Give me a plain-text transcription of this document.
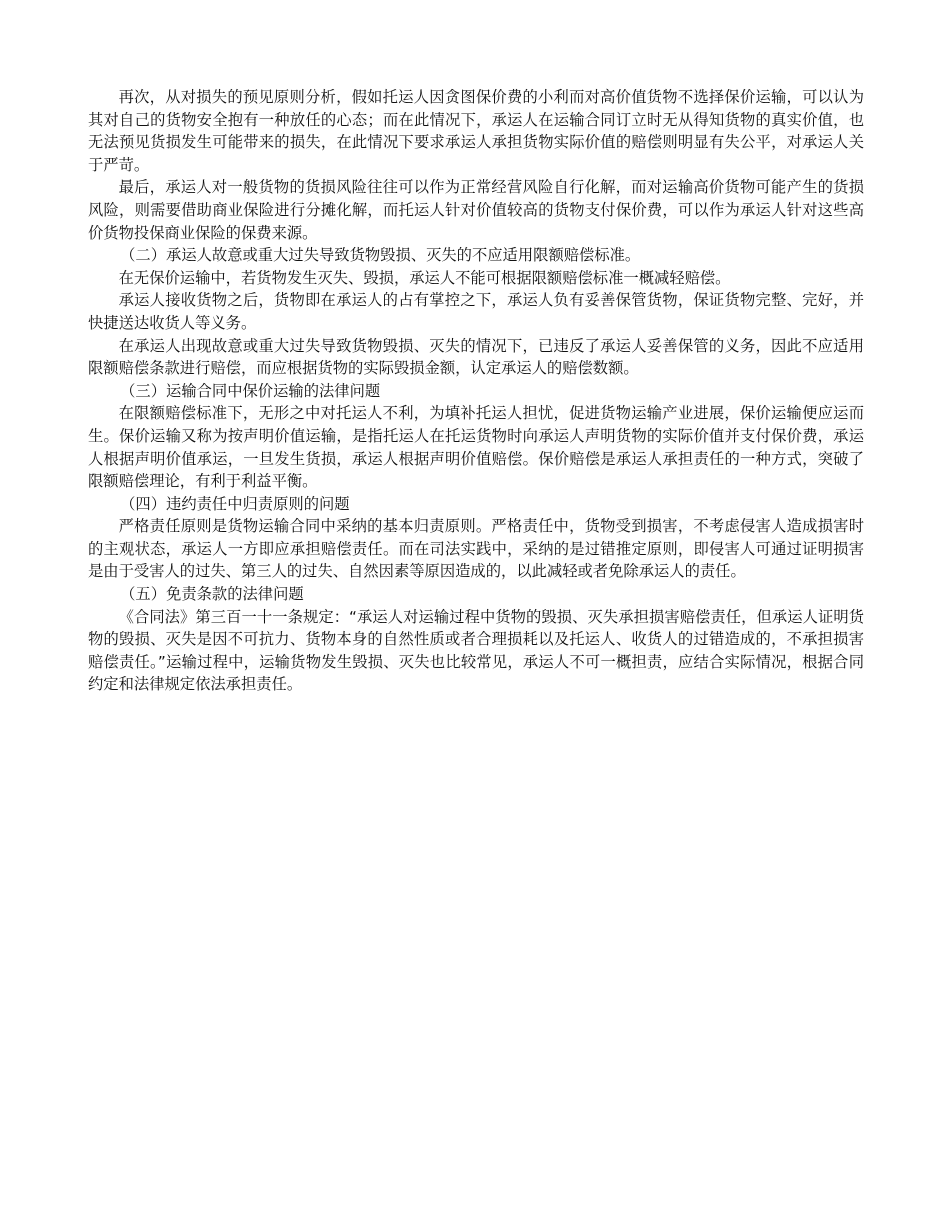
再次，从对损失的预见原则分析，假如托运人因贪图保价费的小利而对高价值货物不选择保价运输，可以认为其对自己的货物安全抱有一种放任的心态；而在此情况下，承运人在运输合同订立时无从得知货物的真实价值，也无法预见货损发生可能带来的损失，在此情况下要求承运人承担货物实际价值的赔偿则明显有失公平，对承运人关于严苛。

最后，承运人对一般货物的货损风险往往可以作为正常经营风险自行化解，而对运输高价货物可能产生的货损风险，则需要借助商业保险进行分摊化解，而托运人针对价值较高的货物支付保价费，可以作为承运人针对这些高价货物投保商业保险的保费来源。

（二）承运人故意或重大过失导致货物毁损、灭失的不应适用限额赔偿标准。

在无保价运输中，若货物发生灭失、毁损，承运人不能可根据限额赔偿标准一概减轻赔偿。

承运人接收货物之后，货物即在承运人的占有掌控之下，承运人负有妥善保管货物，保证货物完整、完好，并快捷送达收货人等义务。

在承运人出现故意或重大过失导致货物毁损、灭失的情况下，已违反了承运人妥善保管的义务，因此不应适用限额赔偿条款进行赔偿，而应根据货物的实际毁损金额，认定承运人的赔偿数额。

（三）运输合同中保价运输的法律问题

在限额赔偿标准下，无形之中对托运人不利，为填补托运人担忧，促进货物运输产业进展，保价运输便应运而生。保价运输又称为按声明价值运输，是指托运人在托运货物时向承运人声明货物的实际价值并支付保价费，承运人根据声明价值承运，一旦发生货损，承运人根据声明价值赔偿。保价赔偿是承运人承担责任的一种方式，突破了限额赔偿理论，有利于利益平衡。

（四）违约责任中归责原则的问题

严格责任原则是货物运输合同中采纳的基本归责原则。严格责任中，货物受到损害，不考虑侵害人造成损害时的主观状态，承运人一方即应承担赔偿责任。而在司法实践中，采纳的是过错推定原则，即侵害人可通过证明损害是由于受害人的过失、第三人的过失、自然因素等原因造成的，以此减轻或者免除承运人的责任。

（五）免责条款的法律问题

《合同法》第三百一十一条规定：“承运人对运输过程中货物的毁损、灭失承担损害赔偿责任，但承运人证明货物的毁损、灭失是因不可抗力、货物本身的自然性质或者合理损耗以及托运人、收货人的过错造成的，不承担损害赔偿责任。”运输过程中，运输货物发生毁损、灭失也比较常见，承运人不可一概担责，应结合实际情况，根据合同约定和法律规定依法承担责任。
